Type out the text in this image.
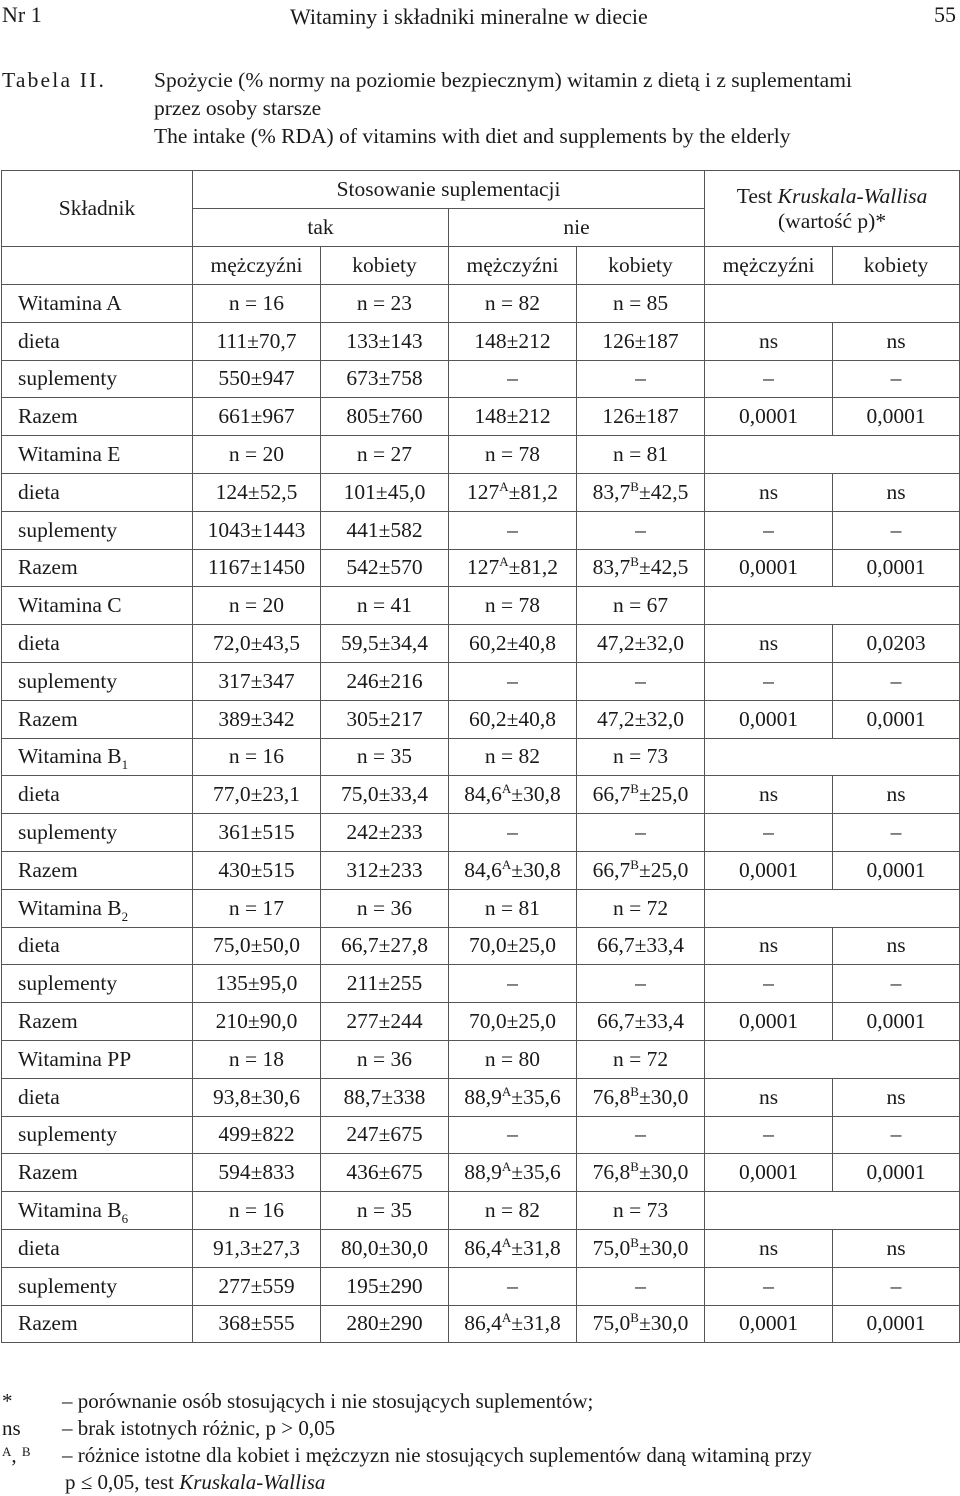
Nr 1	Witaminy i składniki mineralne w diecie	55
Tabela II. Spożycie (% normy na poziomie bezpiecznym) witamin z dietą i z suplementami
przez osoby starsze
The intake (% RDA) of vitamins with diet and supplements by the elderly
Składnik	Stosowanie suplementacji				Test Kruskala-Wallisa
(wartość p)*	
	tak		nie			
	mężczyźni	kobiety	mężczyźni	kobiety	mężczyźni	kobiety
Witamina A	n = 16	n = 23	n = 82	n = 85		
dieta	111±70,7	133±143	148±212	126±187	ns	ns
suplementy	550±947	673±758	–	–	–	–
Razem	661±967	805±760	148±212	126±187	0,0001	0,0001
Witamina E	n = 20	n = 27	n = 78	n = 81		
dieta	124±52,5	101±45,0	$127^A\pm 81,2$	$83,7^B\pm 42,5$	ns	ns
suplementy	1043±1443	441±582	–	–	–	–
Razem	1167±1450	542±570	$127^A\pm 81,2$	$83,7^B\pm 42,5$	0,0001	0,0001
Witamina C	n = 20	n = 41	n = 78	n = 67		
dieta	72,0±43,5	59,5±34,4	60,2±40,8	47,2±32,0	ns	0,0203
suplementy	317±347	246±216	–	–	–	–
Razem	389±342	305±217	60,2±40,8	47,2±32,0	0,0001	0,0001
Witamina $B_1$	n = 16	n = 35	n = 82	n = 73		
dieta	77,0±23,1	75,0±33,4	$84,6^A\pm 30,8$	$66,7^B\pm 25,0$	ns	ns
suplementy	361±515	242±233	–	–	–	–
Razem	430±515	312±233	$84,6^A\pm 30,8$	$66,7^B\pm 25,0$	0,0001	0,0001
Witamina $B_2$	n = 17	n = 36	n = 81	n = 72		
dieta	75,0±50,0	66,7±27,8	70,0±25,0	66,7±33,4	ns	ns
suplementy	135±95,0	211±255	–	–	–	–
Razem	210±90,0	277±244	70,0±25,0	66,7±33,4	0,0001	0,0001
Witamina PP	n = 18	n = 36	n = 80	n = 72		
dieta	93,8±30,6	88,7±338	$88,9^A\pm 35,6$	$76,8^B\pm 30,0$	ns	ns
suplementy	499±822	247±675	–	–	–	–
Razem	594±833	436±675	$88,9^A\pm 35,6$	$76,8^B\pm 30,0$	0,0001	0,0001
Witamina $B_6$	n = 16	n = 35	n = 82	n = 73		
dieta	91,3±27,3	80,0±30,0	$86,4^A\pm 31,8$	$75,0^B\pm 30,0$	ns	ns
suplementy	277±559	195±290	–	–	–	–
Razem	368±555	280±290	$86,4^A\pm 31,8$	$75,0^B\pm 30,0$	0,0001	0,0001
* – porównanie osób stosujących i nie stosujących suplementów;
ns – brak istotnych różnic, p > 0,05
$^A$, $^B$ – różnice istotne dla kobiet i mężczyzn nie stosujących suplementów daną witaminą przy
p ≤ 0,05, test Kruskala-Wallisa
